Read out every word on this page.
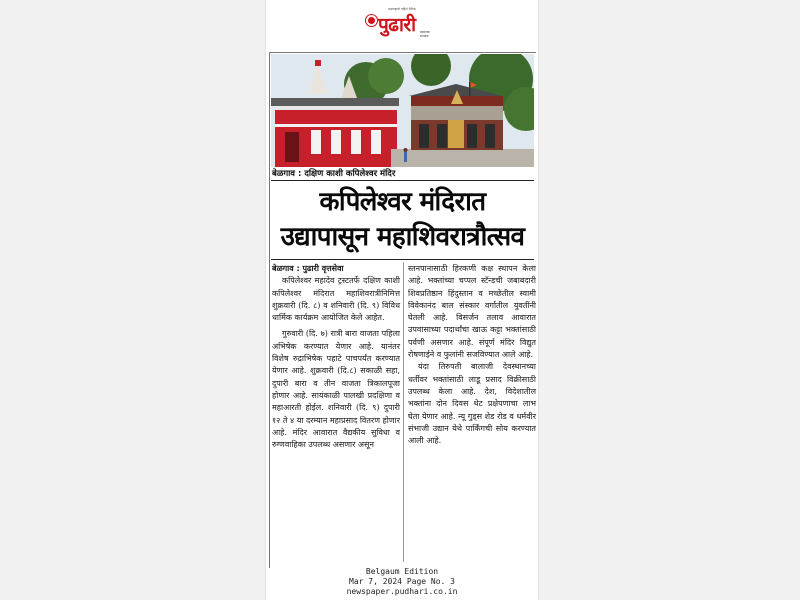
महाराष्ट्राचे पहिले दैनिक
पुढारी संस्थापक संपादक
बेळगाव : दक्षिण काशी कपिलेश्वर मंदिर
कपिलेश्वर मंदिरात
उद्यापासून महाशिवरात्रौत्सव
बेळगाव : पुढारी वृत्तसेवा

कपिलेश्वर महादेव ट्रस्टतर्फे दक्षिण काशी कपिलेश्वर मंदिरात महाशिवरात्रीनिमित्त शुक्रवारी (दि. ८) व शनिवारी (दि. ९) विविध धार्मिक कार्यक्रम आयोजित केले आहेत.

गुरुवारी (दि. ७) रात्री बारा वाजता पहिला अभिषेक करण्यात येणार आहे. यानंतर विशेष रुद्राभिषेक पहाटे पाचपर्यंत करण्यात येणार आहे. शुक्रवारी (दि.८) सकाळी सहा, दुपारी बारा व तीन वाजता त्रिकालपूजा होणार आहे. सायंकाळी पालखी प्रदक्षिणा व महाआरती होईल. शनिवारी (दि. ९) दुपारी १२ ते ४ या दरम्यान महाप्रसाद वितरण होणार आहे. मंदिर आवारात वैद्यकीय सुविधा व रुग्णवाहिका उपलब्ध असणार असून

स्तनपानासाठी हिरकणी कक्ष स्थापन केला आहे. भक्तांच्या चप्पल स्टॅन्डची जबाबदारी शिवप्रतिष्ठान हिंदुस्तान व मच्छेतील स्वामी विवेकानंद बाल संस्कार वर्गातील युवतींनी घेतली आहे. विसर्जन तलाव आवारात उपवासाच्या पदार्थांचा खाऊ कट्टा भक्तांसाठी पर्वणी असणार आहे. संपूर्ण मंदिर विद्युत रोषणाईने व फुलांनी सजविण्यात आले आहे.

यंदा तिरुपती बालाजी देवस्थानच्या धर्तीवर भक्तांसाठी लाडू प्रसाद विक्रीसाठी उपलब्ध केला आहे. देश, विदेशातील भक्तांना दोन दिवस थेट प्रक्षेपणाचा लाभ घेता येणार आहे. न्यू गुड्स शेड रोड व धर्मवीर संभाजी उद्यान येथे पार्किंगची सोय करण्यात आली आहे.

Belgaum Edition
Mar 7, 2024 Page No. 3
newspaper.pudhari.co.in
